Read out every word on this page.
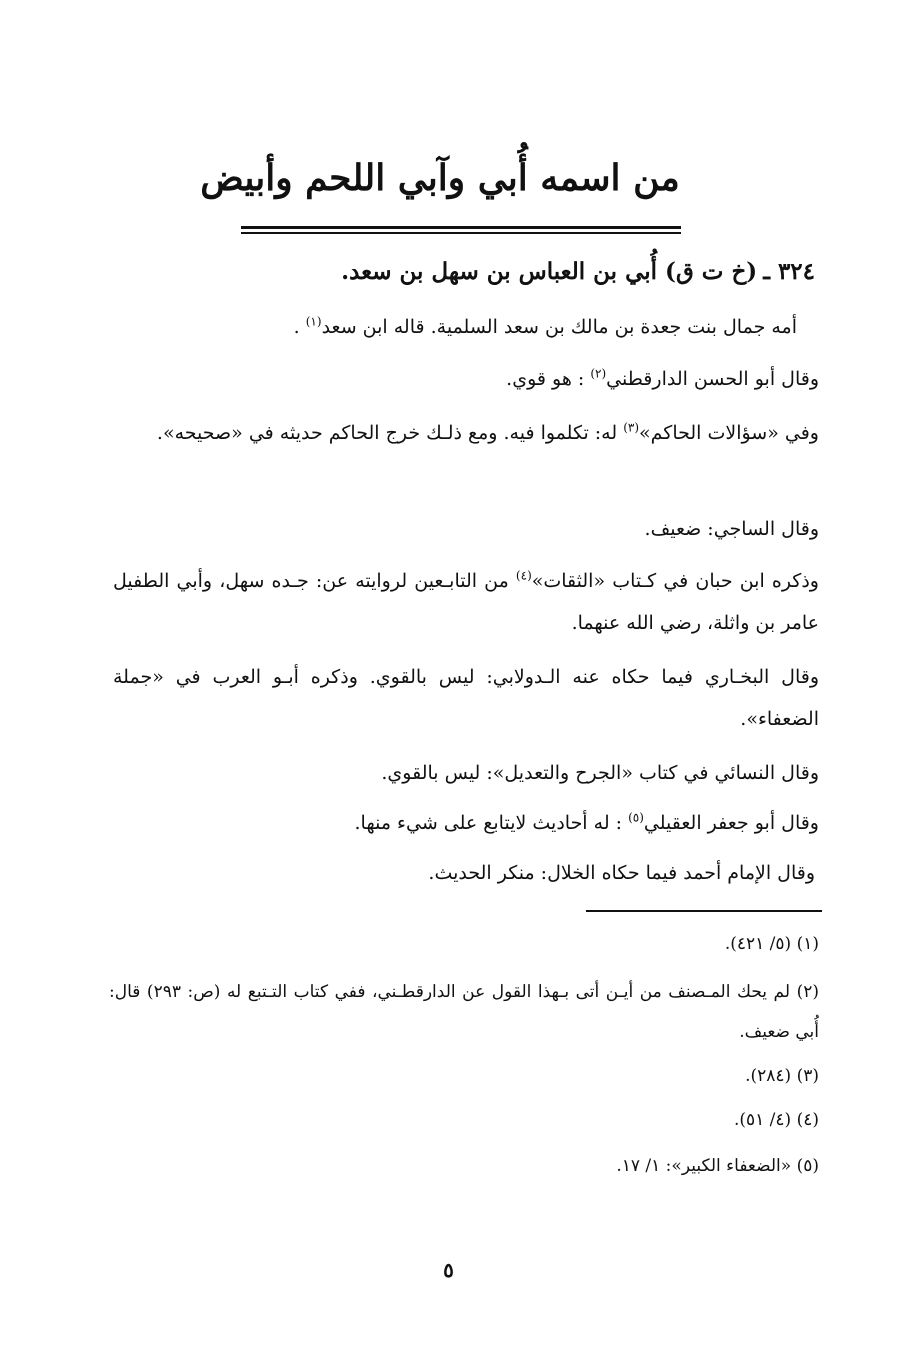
من اسمه أُبي وآبي اللحم وأبيض
٣٢٤ ـ(خ ت ق) أُبي بن العباس بن سهل بن سعد.

أمه جمال بنت جعدة بن مالك بن سعد السلمية. قاله ابن سعد$^{(١)}$ .

وقال أبو الحسن الدارقطني$^{(٢)}$ : هو قوي.

وفي «سؤالات الحاكم»$^{(٣)}$ له: تكلموا فيه. ومع ذلـك خرج الحاكم حديثه في «صحيحه».

وقال الساجي: ضعيف.

وذكره ابن حبان في كـتاب «الثقات»$^{(٤)}$ من التابـعين لروايته عن: جـده سهل، وأبي الطفيل عامر بن واثلة، رضي الله عنهما.

وقال البخـاري فيما حكاه عنه الـدولابي: ليس بالقوي. وذكره أبـو العرب في «جملة الضعفاء».

وقال النسائي في كتاب «الجرح والتعديل»: ليس بالقوي.

وقال أبو جعفر العقيلي$^{(٥)}$ : له أحاديث لايتابع على شيء منها.

وقال الإمام أحمد فيما حكاه الخلال: منكر الحديث.

(١) (٥/ ٤٢١).

(٢) لم يحك المـصنف من أيـن أتى بـهذا القول عن الدارقطـني، ففي كتاب التـتبع له (ص: ٢٩٣) قال: أُبي ضعيف.

(٣) (٢٨٤).

(٤) (٤/ ٥١).

(٥) «الضعفاء الكبير»: ١/ ١٧.

٥
